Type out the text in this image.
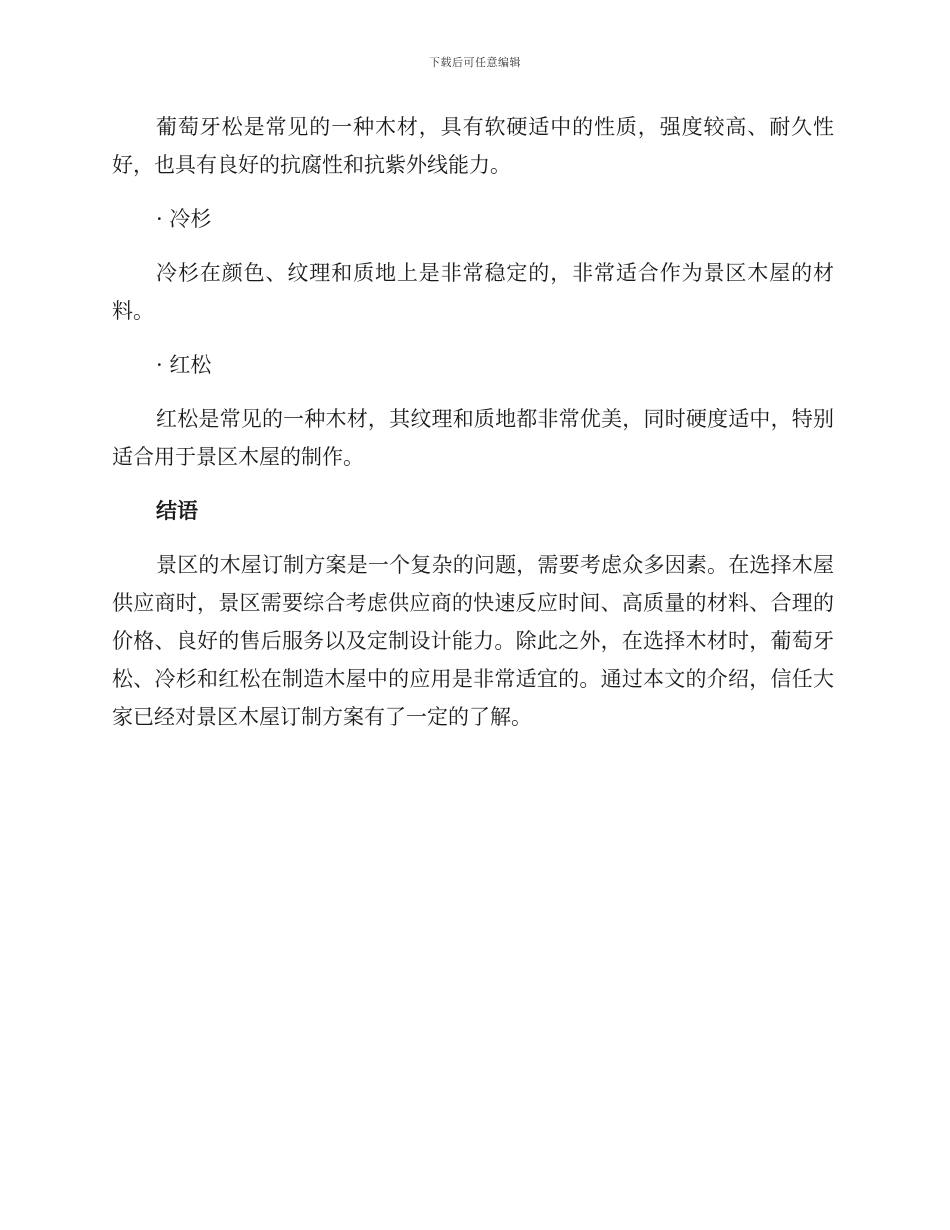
下载后可任意编辑

葡萄牙松是常见的一种木材，具有软硬适中的性质，强度较高、耐久性好，也具有良好的抗腐性和抗紫外线能力。

· 冷杉

冷杉在颜色、纹理和质地上是非常稳定的，非常适合作为景区木屋的材料。

· 红松

红松是常见的一种木材，其纹理和质地都非常优美，同时硬度适中，特别适合用于景区木屋的制作。

结语

景区的木屋订制方案是一个复杂的问题，需要考虑众多因素。在选择木屋供应商时，景区需要综合考虑供应商的快速反应时间、高质量的材料、合理的价格、良好的售后服务以及定制设计能力。除此之外，在选择木材时，葡萄牙松、冷杉和红松在制造木屋中的应用是非常适宜的。通过本文的介绍，信任大家已经对景区木屋订制方案有了一定的了解。
